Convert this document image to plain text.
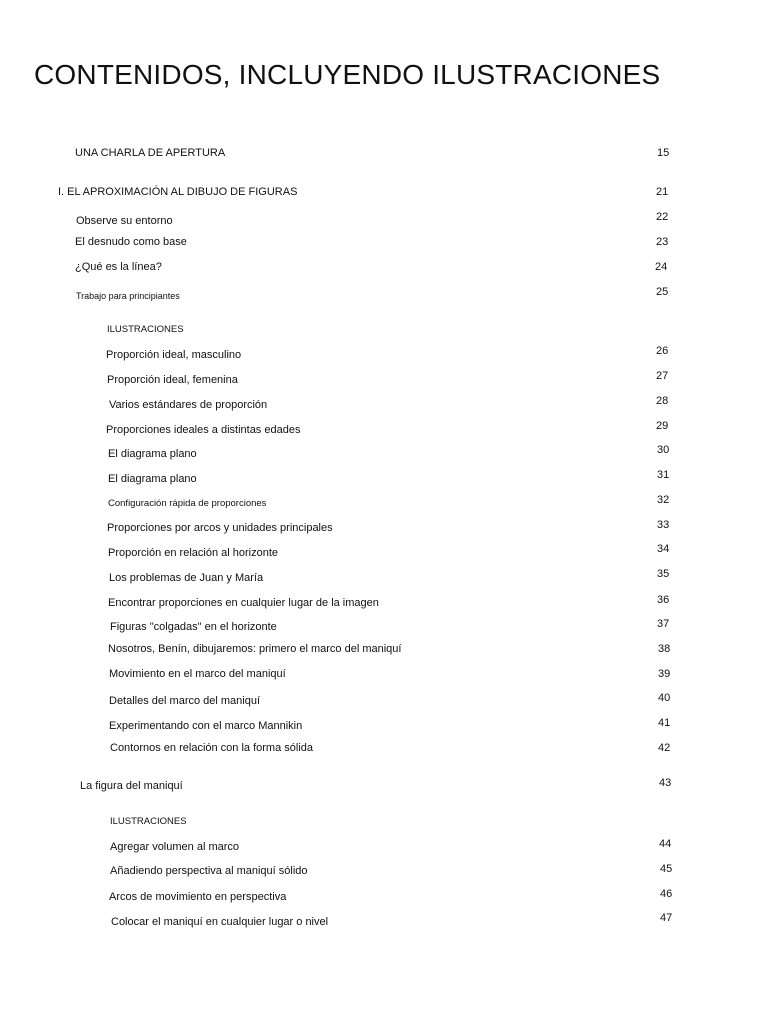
CONTENIDOS, INCLUYENDO ILUSTRACIONES
UNA CHARLA DE APERTURA	15
I. EL APROXIMACIÓN AL DIBUJO DE FIGURAS	21
Observe su entorno	22
El desnudo como base	23
¿Qué es la línea?	24
Trabajo para principiantes	25
ILUSTRACIONES
Proporción ideal, masculino	26
Proporción ideal, femenina	27
Varios estándares de proporción	28
Proporciones ideales a distintas edades	29
El diagrama plano	30
El diagrama plano	31
Configuración rápida de proporciones	32
Proporciones por arcos y unidades principales	33
Proporción en relación al horizonte	34
Los problemas de Juan y María	35
Encontrar proporciones en cualquier lugar de la imagen	36
Figuras "colgadas" en el horizonte	37
Nosotros, Benín, dibujaremos: primero el marco del maniquí	38
Movimiento en el marco del maniquí	39
Detalles del marco del maniquí	40
Experimentando con el marco Mannikin	41
Contornos en relación con la forma sólida	42
La figura del maniquí	43
ILUSTRACIONES
Agregar volumen al marco	44
Añadiendo perspectiva al maniquí sólido	45
Arcos de movimiento en perspectiva	46
Colocar el maniquí en cualquier lugar o nivel	47
